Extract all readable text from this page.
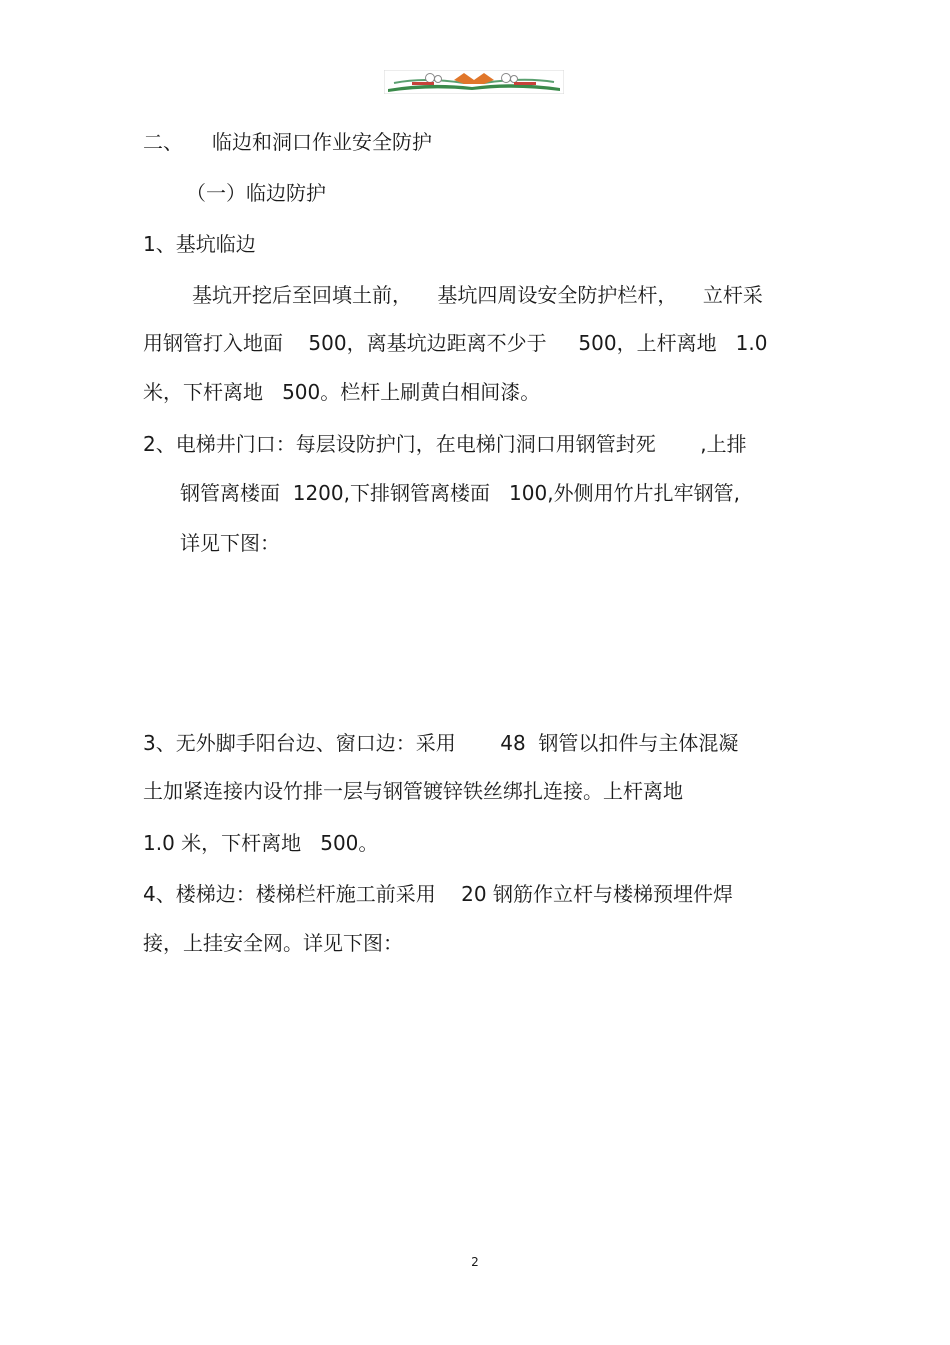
二、 临边和洞口作业安全防护

（一）临边防护

1、基坑临边

基坑开挖后至回填土前，    基坑四周设安全防护栏杆，    立杆采

用钢管打入地面    500，离基坑边距离不少于     500，上杆离地   1.0

米，下杆离地   500。栏杆上刷黄白相间漆。

2、电梯井门口：每层设防护门，在电梯门洞口用钢管封死       ,上排

钢管离楼面  1200,下排钢管离楼面   100,外侧用竹片扎牢钢管,

详见下图：

3、无外脚手阳台边、窗口边：采用       48  钢管以扣件与主体混凝

土加紧连接内设竹排一层与钢管镀锌铁丝绑扎连接。上杆离地

1.0 米，下杆离地   500。

4、楼梯边：楼梯栏杆施工前采用    20 钢筋作立杆与楼梯预埋件焊

接，上挂安全网。详见下图：

2
